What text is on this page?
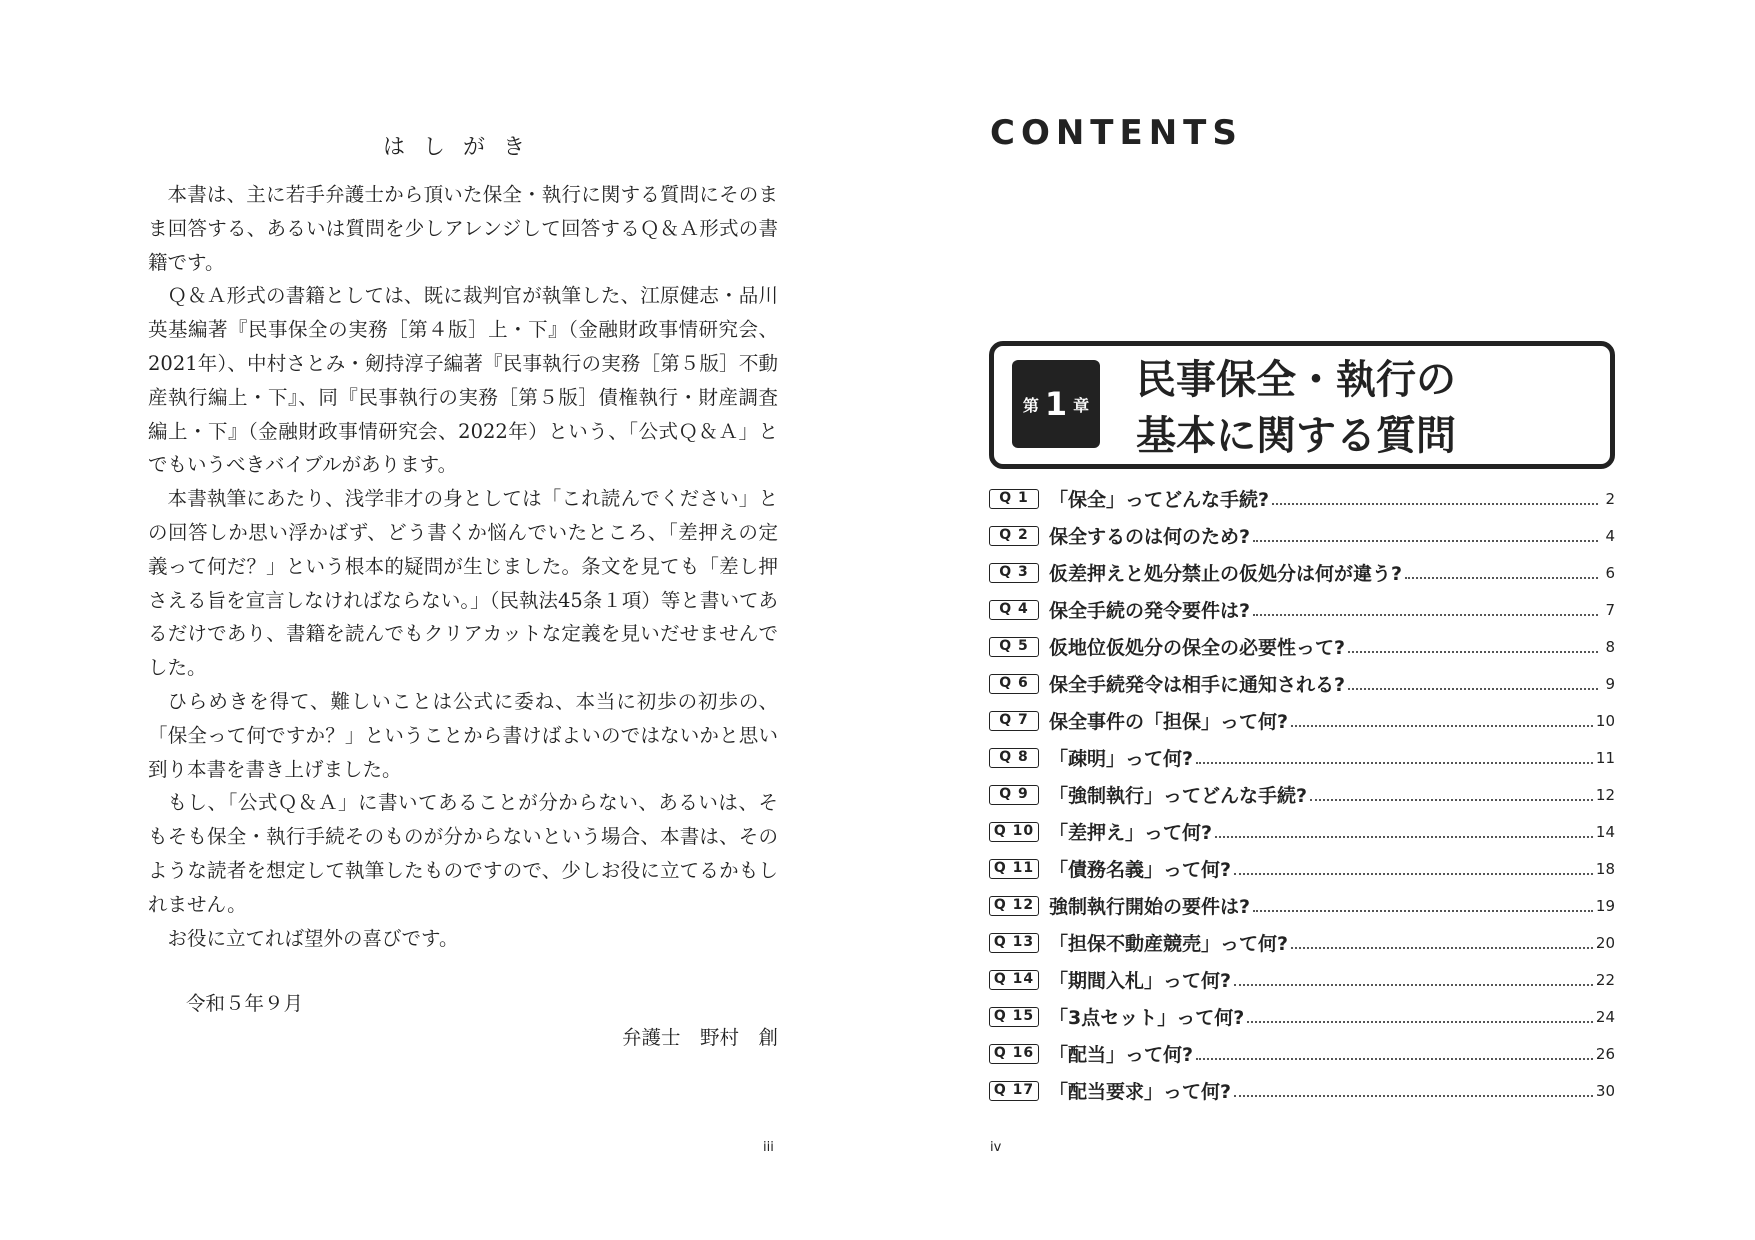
はしがき

本書は、主に若手弁護士から頂いた保全・執行に関する質問にそのまま回答する、あるいは質問を少しアレンジして回答するＱ＆Ａ形式の書籍です。

Ｑ＆Ａ形式の書籍としては、既に裁判官が執筆した、江原健志・品川英基編著『民事保全の実務［第４版］上・下』（金融財政事情研究会、2021年）、中村さとみ・剱持淳子編著『民事執行の実務［第５版］不動産執行編上・下』、同『民事執行の実務［第５版］債権執行・財産調査編上・下』（金融財政事情研究会、2022年）という、「公式Ｑ＆Ａ」とでもいうべきバイブルがあります。

本書執筆にあたり、浅学非才の身としては「これ読んでください」との回答しか思い浮かばず、どう書くか悩んでいたところ、「差押えの定義って何だ？」という根本的疑問が生じました。条文を見ても「差し押さえる旨を宣言しなければならない。」（民執法45条１項）等と書いてあるだけであり、書籍を読んでもクリアカットな定義を見いだせませんでした。

ひらめきを得て、難しいことは公式に委ね、本当に初歩の初歩の、「保全って何ですか？」ということから書けばよいのではないかと思い到り本書を書き上げました。

もし、「公式Ｑ＆Ａ」に書いてあることが分からない、あるいは、そもそも保全・執行手続そのものが分からないという場合、本書は、そのような読者を想定して執筆したものですので、少しお役に立てるかもしれません。

お役に立てれば望外の喜びです。

令和５年９月
弁護士　野村　創
iii
CONTENTS
第 1 章
民事保全・執行の
基本に関する質問
Q 1	「保全」ってどんな手続?	2
Q 2	保全するのは何のため?	4
Q 3	仮差押えと処分禁止の仮処分は何が違う?	6
Q 4	保全手続の発令要件は?	7
Q 5	仮地位仮処分の保全の必要性って?	8
Q 6	保全手続発令は相手に通知される?	9
Q 7	保全事件の「担保」って何?	10
Q 8	「疎明」って何?	11
Q 9	「強制執行」ってどんな手続?	12
Q 10 「差押え」って何?	14
Q 11 「債務名義」って何?	18
Q 12 強制執行開始の要件は?	19
Q 13 「担保不動産競売」って何?	20
Q 14 「期間入札」って何?	22
Q 15 「3点セット」って何?	24
Q 16 「配当」って何?	26
Q 17 「配当要求」って何?	30
iv
